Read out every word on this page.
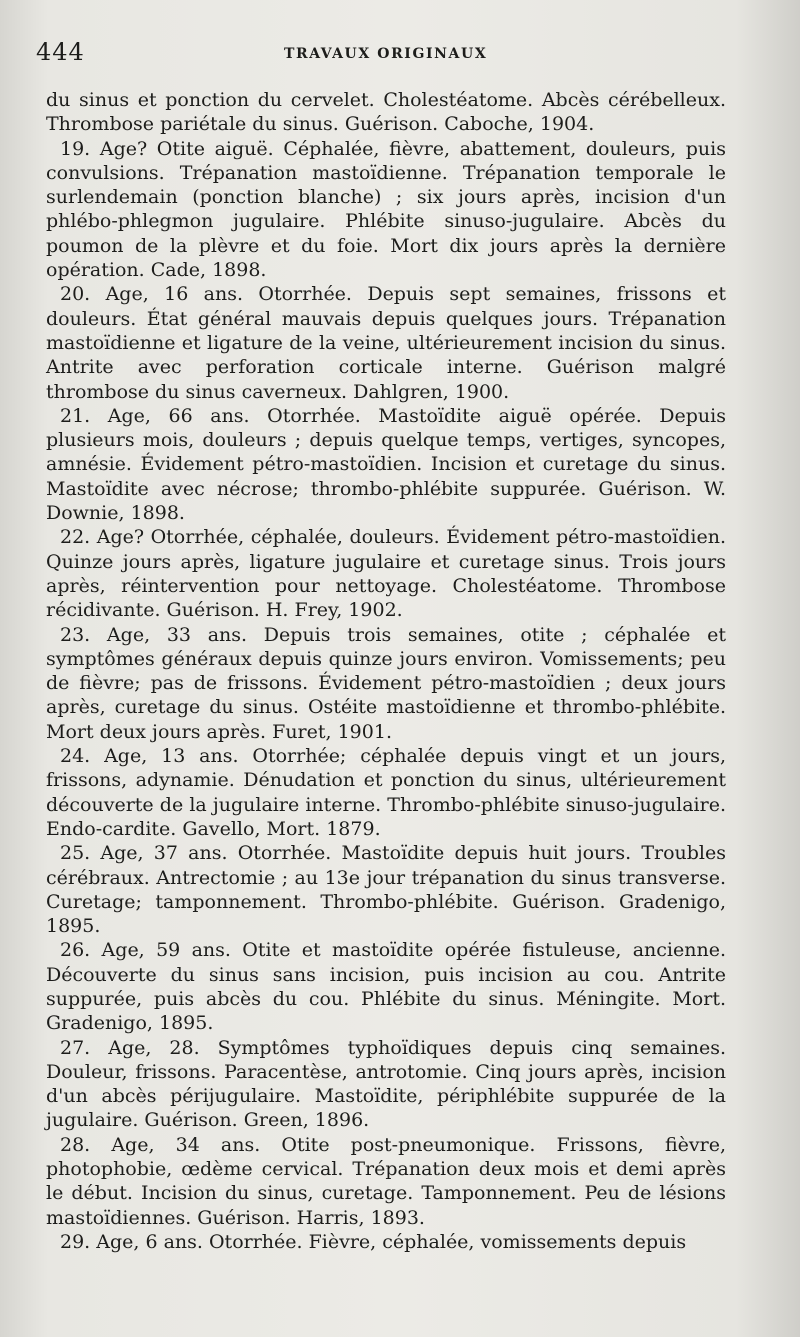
444	TRAVAUX ORIGINAUX

du sinus et ponction du cervelet. Cholestéatome. Abcès cérébelleux. Thrombose pariétale du sinus. Guérison. Caboche, 1904.

19. Age? Otite aiguë. Céphalée, fièvre, abattement, douleurs, puis convulsions. Trépanation mastoïdienne. Trépanation temporale le surlendemain (ponction blanche) ; six jours après, incision d'un phlébo-phlegmon jugulaire. Phlébite sinuso-jugulaire. Abcès du poumon de la plèvre et du foie. Mort dix jours après la dernière opération. Cade, 1898.

20. Age, 16 ans. Otorrhée. Depuis sept semaines, frissons et douleurs. État général mauvais depuis quelques jours. Trépanation mastoïdienne et ligature de la veine, ultérieurement incision du sinus. Antrite avec perforation corticale interne. Guérison malgré thrombose du sinus caverneux. Dahlgren, 1900.

21. Age, 66 ans. Otorrhée. Mastoïdite aiguë opérée. Depuis plusieurs mois, douleurs ; depuis quelque temps, vertiges, syncopes, amnésie. Évidement pétro-mastoïdien. Incision et curetage du sinus. Mastoïdite avec nécrose; thrombo-phlébite suppurée. Guérison. W. Downie, 1898.

22. Age? Otorrhée, céphalée, douleurs. Évidement pétro-mastoïdien. Quinze jours après, ligature jugulaire et curetage sinus. Trois jours après, réintervention pour nettoyage. Cholestéatome. Thrombose récidivante. Guérison. H. Frey, 1902.

23. Age, 33 ans. Depuis trois semaines, otite ; céphalée et symptômes généraux depuis quinze jours environ. Vomissements; peu de fièvre; pas de frissons. Évidement pétro-mastoïdien ; deux jours après, curetage du sinus. Ostéite mastoïdienne et thrombo-phlébite. Mort deux jours après. Furet, 1901.

24. Age, 13 ans. Otorrhée; céphalée depuis vingt et un jours, frissons, adynamie. Dénudation et ponction du sinus, ultérieurement découverte de la jugulaire interne. Thrombo-phlébite sinuso-jugulaire. Endo-cardite. Gavello, Mort. 1879.

25. Age, 37 ans. Otorrhée. Mastoïdite depuis huit jours. Troubles cérébraux. Antrectomie ; au 13e jour trépanation du sinus transverse. Curetage; tamponnement. Thrombo-phlébite. Guérison. Gradenigo, 1895.

26. Age, 59 ans. Otite et mastoïdite opérée fistuleuse, ancienne. Découverte du sinus sans incision, puis incision au cou. Antrite suppurée, puis abcès du cou. Phlébite du sinus. Méningite. Mort. Gradenigo, 1895.

27. Age, 28. Symptômes typhoïdiques depuis cinq semaines. Douleur, frissons. Paracentèse, antrotomie. Cinq jours après, incision d'un abcès périjugulaire. Mastoïdite, périphlébite suppurée de la jugulaire. Guérison. Green, 1896.

28. Age, 34 ans. Otite post-pneumonique. Frissons, fièvre, photophobie, œdème cervical. Trépanation deux mois et demi après le début. Incision du sinus, curetage. Tamponnement. Peu de lésions mastoïdiennes. Guérison. Harris, 1893.

29. Age, 6 ans. Otorrhée. Fièvre, céphalée, vomissements depuis
